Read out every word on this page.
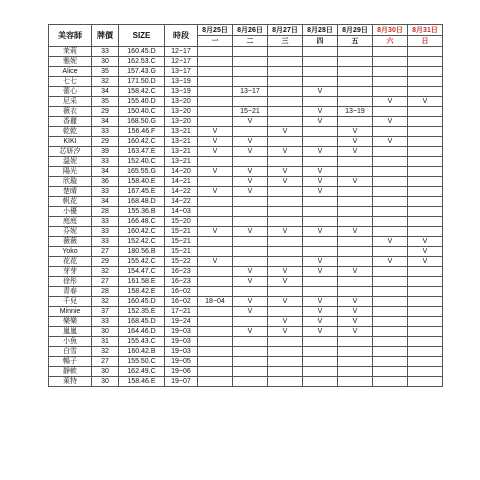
美容師	牌價	SIZE	時段	8月25日	8月26日	8月27日	8月28日	8月29日	8月30日	8月31日
				一	二	三	四	五	六	日
茉莉	33	160.45.D	12~17							
雅妮	30	162.53.C	12~17							
Alice	35	157.43.G	13~17							
七七	32	171.50.D	13~19							
蕾心	34	158.42.C	13~19		13~17		V			
尼采	35	155.40.D	13~20						V	V
薇衣	29	150.40.C	13~20		15~21		V	13~19		
香麗	34	168.50.G	13~20		V		V		V	
乾乾	33	156.46.F	13~21	V		V		V		
KIKI	29	160.42.C	13~21	V	V			V	V	
芯妍汐	39	163.47.E	13~21	V	V	V	V	V		
溫妮	33	152.40.C	13~21							
陽光	34	165.55.G	14~20	V	V	V	V			
欣璇	36	158.40.E	14~21		V	V	V	V		
楚晴	33	167.45.E	14~22	V	V		V			
帆花	34	168.48.D	14~22							
小優	28	155.36.B	14~03							
庭庭	33	166.48.C	15~20							
芬妮	33	160.42.C	15~21	V	V	V	V	V		
薇薇	33	152.42.C	15~21						V	V
Yoko	27	180.56.B	15~21							V
花花	29	155.42.C	15~22	V			V		V	V
芽芽	32	154.47.C	16~23		V	V	V	V		
徐彤	27	161.58.E	16~23		V	V				
青春	28	158.42.E	16~02							
千兒	32	160.45.D	16~02	18~04	V	V	V	V		
Minnie	37	152.35.E	17~21		V		V	V		
樂樂	33	168.45.D	19~24			V	V	V		
嵐嵐	30	164.46.D	19~03		V	V	V	V		
小魚	31	155.43.C	19~03							
白雪	32	160.42.B	19~03							
暢子	27	155.50.C	19~05							
靜軟	30	162.49.C	19~06							
萊特	30	158.46.E	19~07							
